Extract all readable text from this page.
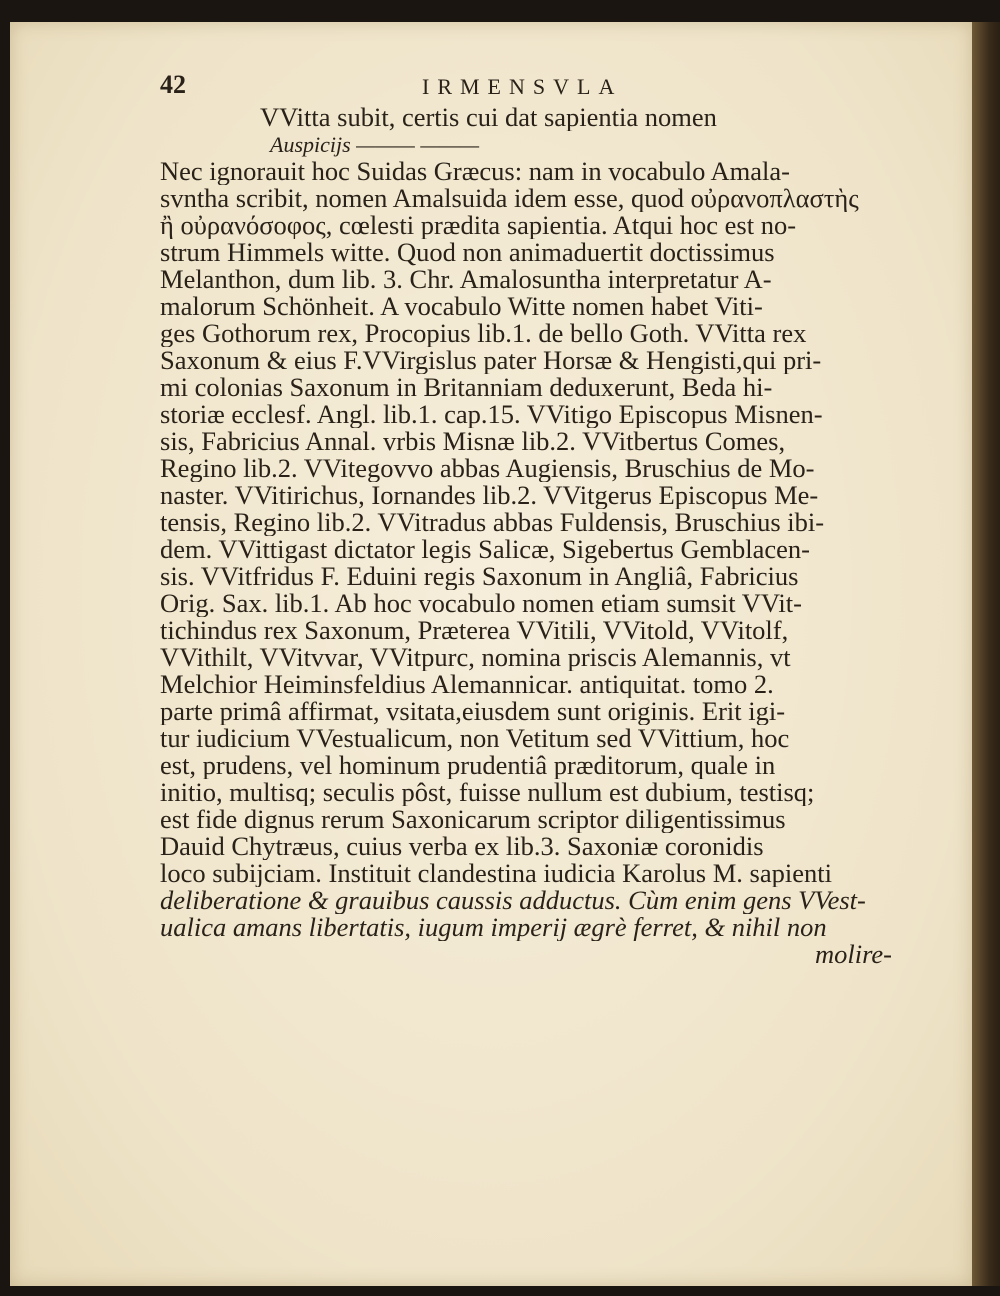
42	IRMENSVLA
VVitta subit, certis cui dat sapientia nomen
Auspicijs ——— ———
Nec ignorauit hoc Suidas Græcus: nam in vocabulo Amala-
svntha scribit, nomen Amalsuida idem esse, quod οὐρανοπλαστὴς
ἢ οὐρανόσοφος, cœlesti prædita sapientia. Atqui hoc est no-
strum Himmels witte. Quod non animaduertit doctissimus
Melanthon, dum lib. 3. Chr. Amalosuntha interpretatur A-
malorum Schönheit. A vocabulo Witte nomen habet Viti-
ges Gothorum rex, Procopius lib.1. de bello Goth. VVitta rex
Saxonum & eius F.VVirgislus pater Horsæ & Hengisti,qui pri-
mi colonias Saxonum in Britanniam deduxerunt, Beda hi-
storiæ ecclesf. Angl. lib.1. cap.15. VVitigo Episcopus Misnen-
sis, Fabricius Annal. vrbis Misnæ lib.2. VVitbertus Comes,
Regino lib.2. VVitegovvo abbas Augiensis, Bruschius de Mo-
naster. VVitirichus, Iornandes lib.2. VVitgerus Episcopus Me-
tensis, Regino lib.2. VVitradus abbas Fuldensis, Bruschius ibi-
dem. VVittigast dictator legis Salicæ, Sigebertus Gemblacen-
sis. VVitfridus F. Eduini regis Saxonum in Angliâ, Fabricius
Orig. Sax. lib.1. Ab hoc vocabulo nomen etiam sumsit VVit-
tichindus rex Saxonum, Præterea VVitili, VVitold, VVitolf,
VVithilt, VVitvvar, VVitpurc, nomina priscis Alemannis, vt
Melchior Heiminsfeldius Alemannicar. antiquitat. tomo 2.
parte primâ affirmat, vsitata,eiusdem sunt originis. Erit igi-
tur iudicium VVestualicum, non Vetitum sed VVittium, hoc
est, prudens, vel hominum prudentiâ præditorum, quale in
initio, multisq; seculis pôst, fuisse nullum est dubium, testisq;
est fide dignus rerum Saxonicarum scriptor diligentissimus
Dauid Chytræus, cuius verba ex lib.3. Saxoniæ coronidis
loco subijciam. Instituit clandestina iudicia Karolus M. sapienti
deliberatione & grauibus caussis adductus. Cùm enim gens VVest-
ualica amans libertatis, iugum imperij ægrè ferret, & nihil non
molire-
